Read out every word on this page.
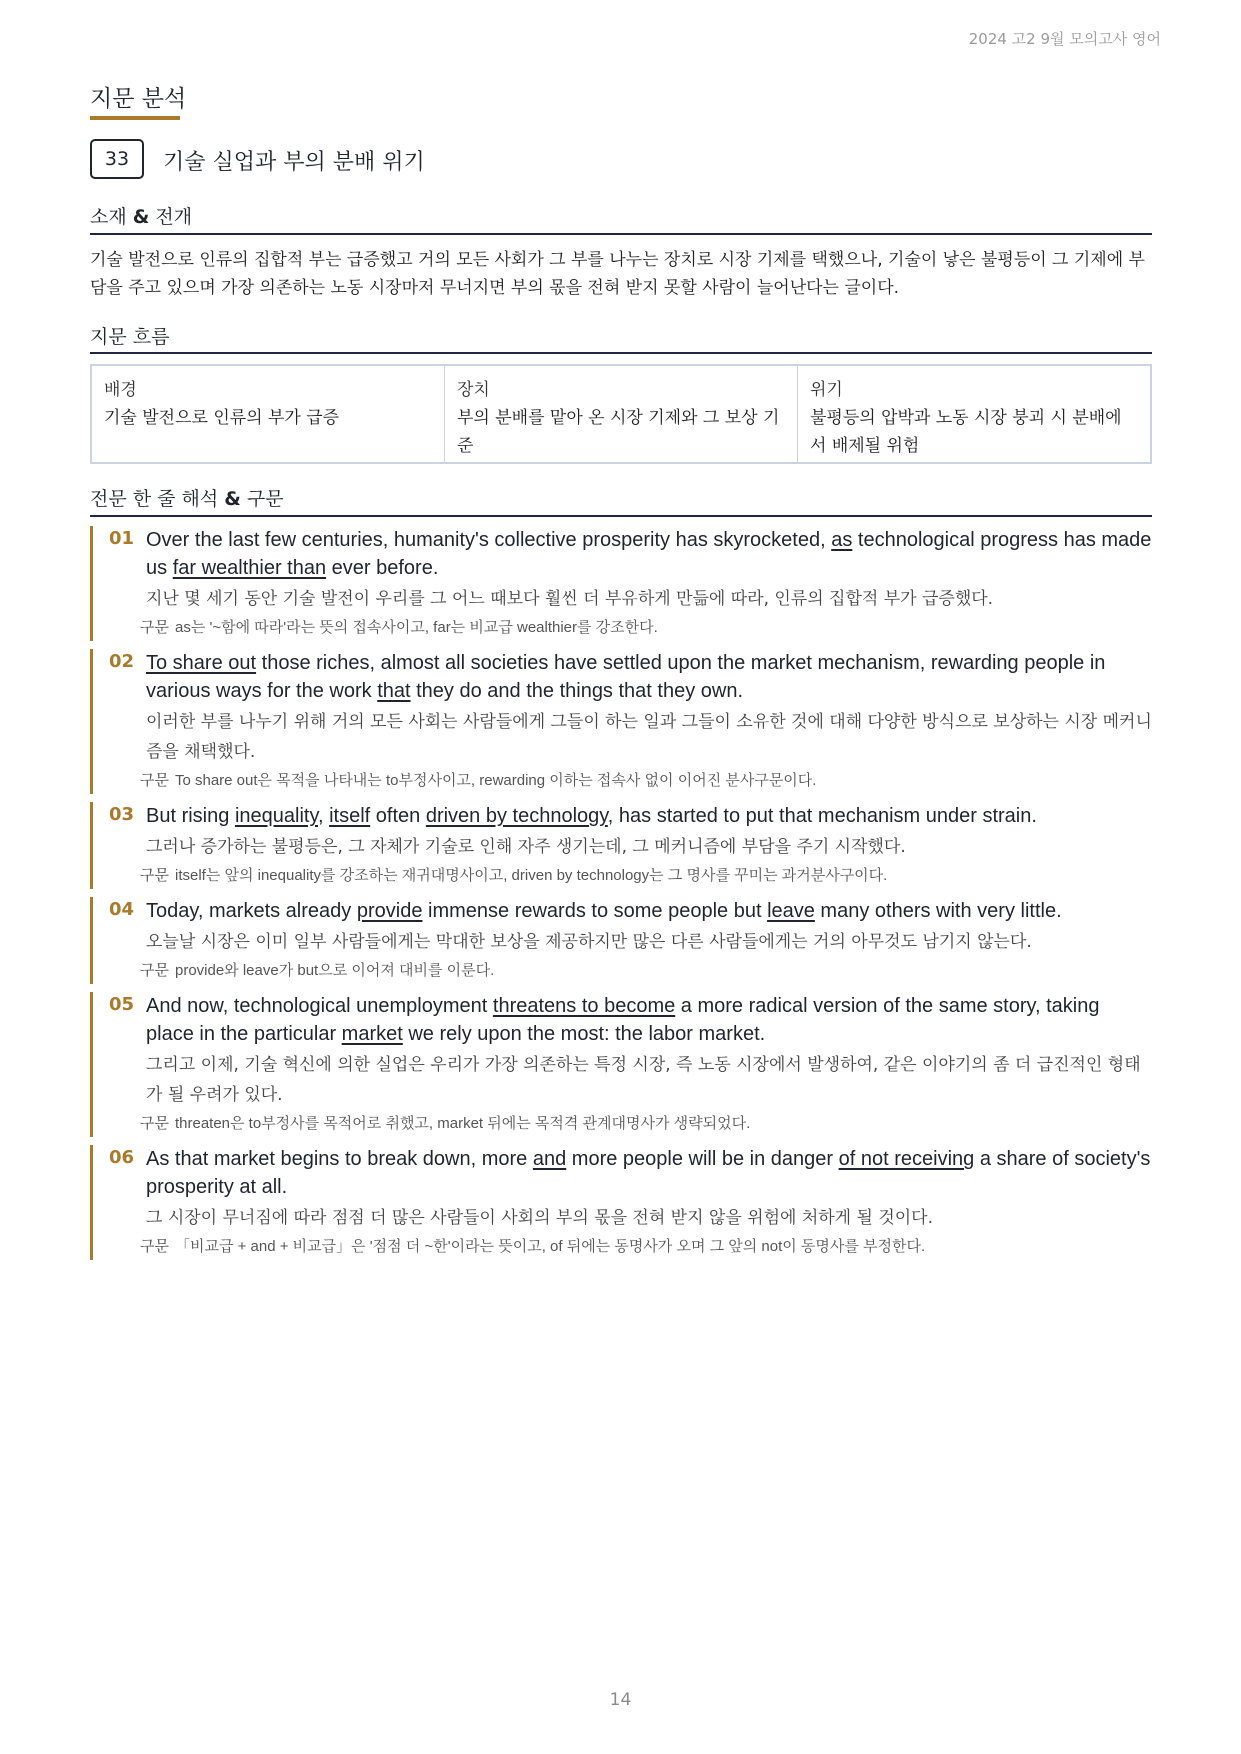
2024 고2 9월 모의고사 영어
지문 분석
33 기술 실업과 부의 분배 위기
소재 & 전개
기술 발전으로 인류의 집합적 부는 급증했고 거의 모든 사회가 그 부를 나누는 장치로 시장 기제를 택했으나, 기술이 낳은 불평등이 그 기제에 부담을 주고 있으며 가장 의존하는 노동 시장마저 무너지면 부의 몫을 전혀 받지 못할 사람이 늘어난다는 글이다.
지문 흐름
배경
기술 발전으로 인류의 부가 급증
장치
부의 분배를 맡아 온 시장 기제와 그 보상 기준
위기
불평등의 압박과 노동 시장 붕괴 시 분배에서 배제될 위험
전문 한 줄 해석 & 구문
01 Over the last few centuries, humanity's collective prosperity has skyrocketed, as technological progress has made us far wealthier than ever before.
지난 몇 세기 동안 기술 발전이 우리를 그 어느 때보다 훨씬 더 부유하게 만듦에 따라, 인류의 집합적 부가 급증했다.
구문 as는 '~함에 따라'라는 뜻의 접속사이고, far는 비교급 wealthier를 강조한다.
02 To share out those riches, almost all societies have settled upon the market mechanism, rewarding people in various ways for the work that they do and the things that they own.
이러한 부를 나누기 위해 거의 모든 사회는 사람들에게 그들이 하는 일과 그들이 소유한 것에 대해 다양한 방식으로 보상하는 시장 메커니즘을 채택했다.
구문 To share out은 목적을 나타내는 to부정사이고, rewarding 이하는 접속사 없이 이어진 분사구문이다.
03 But rising inequality, itself often driven by technology, has started to put that mechanism under strain.
그러나 증가하는 불평등은, 그 자체가 기술로 인해 자주 생기는데, 그 메커니즘에 부담을 주기 시작했다.
구문 itself는 앞의 inequality를 강조하는 재귀대명사이고, driven by technology는 그 명사를 꾸미는 과거분사구이다.
04 Today, markets already provide immense rewards to some people but leave many others with very little.
오늘날 시장은 이미 일부 사람들에게는 막대한 보상을 제공하지만 많은 다른 사람들에게는 거의 아무것도 남기지 않는다.
구문 provide와 leave가 but으로 이어져 대비를 이룬다.
05 And now, technological unemployment threatens to become a more radical version of the same story, taking place in the particular market we rely upon the most: the labor market.
그리고 이제, 기술 혁신에 의한 실업은 우리가 가장 의존하는 특정 시장, 즉 노동 시장에서 발생하여, 같은 이야기의 좀 더 급진적인 형태가 될 우려가 있다.
구문 threaten은 to부정사를 목적어로 취했고, market 뒤에는 목적격 관계대명사가 생략되었다.
06 As that market begins to break down, more and more people will be in danger of not receiving a share of society's prosperity at all.
그 시장이 무너짐에 따라 점점 더 많은 사람들이 사회의 부의 몫을 전혀 받지 않을 위험에 처하게 될 것이다.
구문 「비교급 + and + 비교급」은 '점점 더 ~한'이라는 뜻이고, of 뒤에는 동명사가 오며 그 앞의 not이 동명사를 부정한다.
14
